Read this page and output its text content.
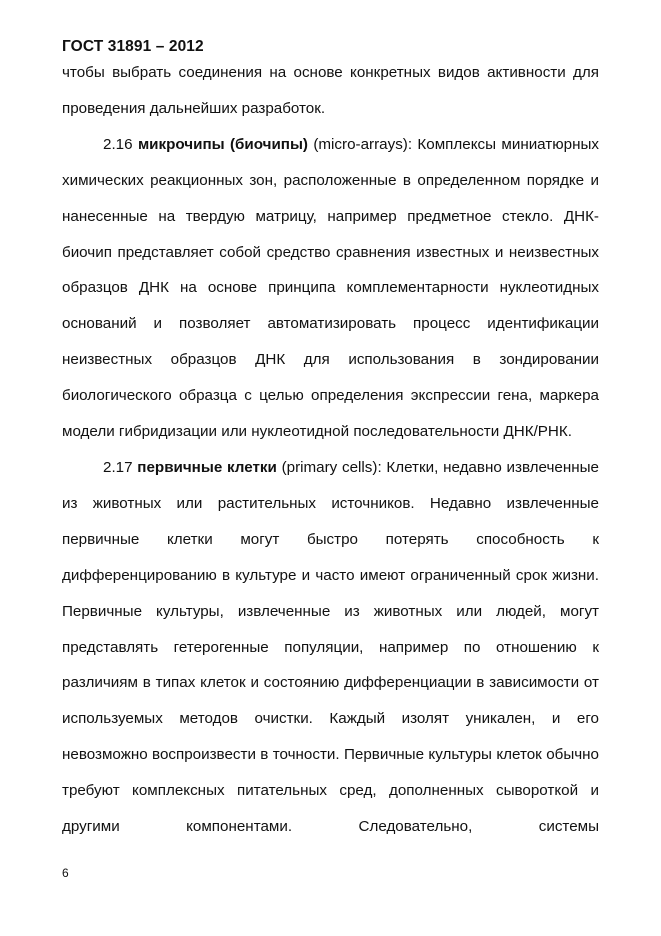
ГОСТ 31891 – 2012

чтобы выбрать соединения на основе конкретных видов активности для проведения дальнейших разработок.

2.16 микрочипы (биочипы) (micro-arrays): Комплексы миниатюрных химических реакционных зон, расположенные в определенном порядке и нанесенные на твердую матрицу, например предметное стекло. ДНК-биочип представляет собой средство сравнения известных и неизвестных образцов ДНК на основе принципа комплементарности нуклеотидных оснований и позволяет автоматизировать процесс идентификации неизвестных образцов ДНК для использования в зондировании биологического образца с целью определения экспрессии гена, маркера модели гибридизации или нуклеотидной последовательности ДНК/РНК.

2.17 первичные клетки (primary cells): Клетки, недавно извлеченные из животных или растительных источников. Недавно извлеченные первичные клетки могут быстро потерять способность к дифференцированию в культуре и часто имеют ограниченный срок жизни. Первичные культуры, извлеченные из животных или людей, могут представлять гетерогенные популяции, например по отношению к различиям в типах клеток и состоянию дифференциации в зависимости от используемых методов очистки. Каждый изолят уникален, и его невозможно воспроизвести в точности. Первичные культуры клеток обычно требуют комплексных питательных сред, дополненных сывороткой и другими компонентами. Следовательно, системы

6
